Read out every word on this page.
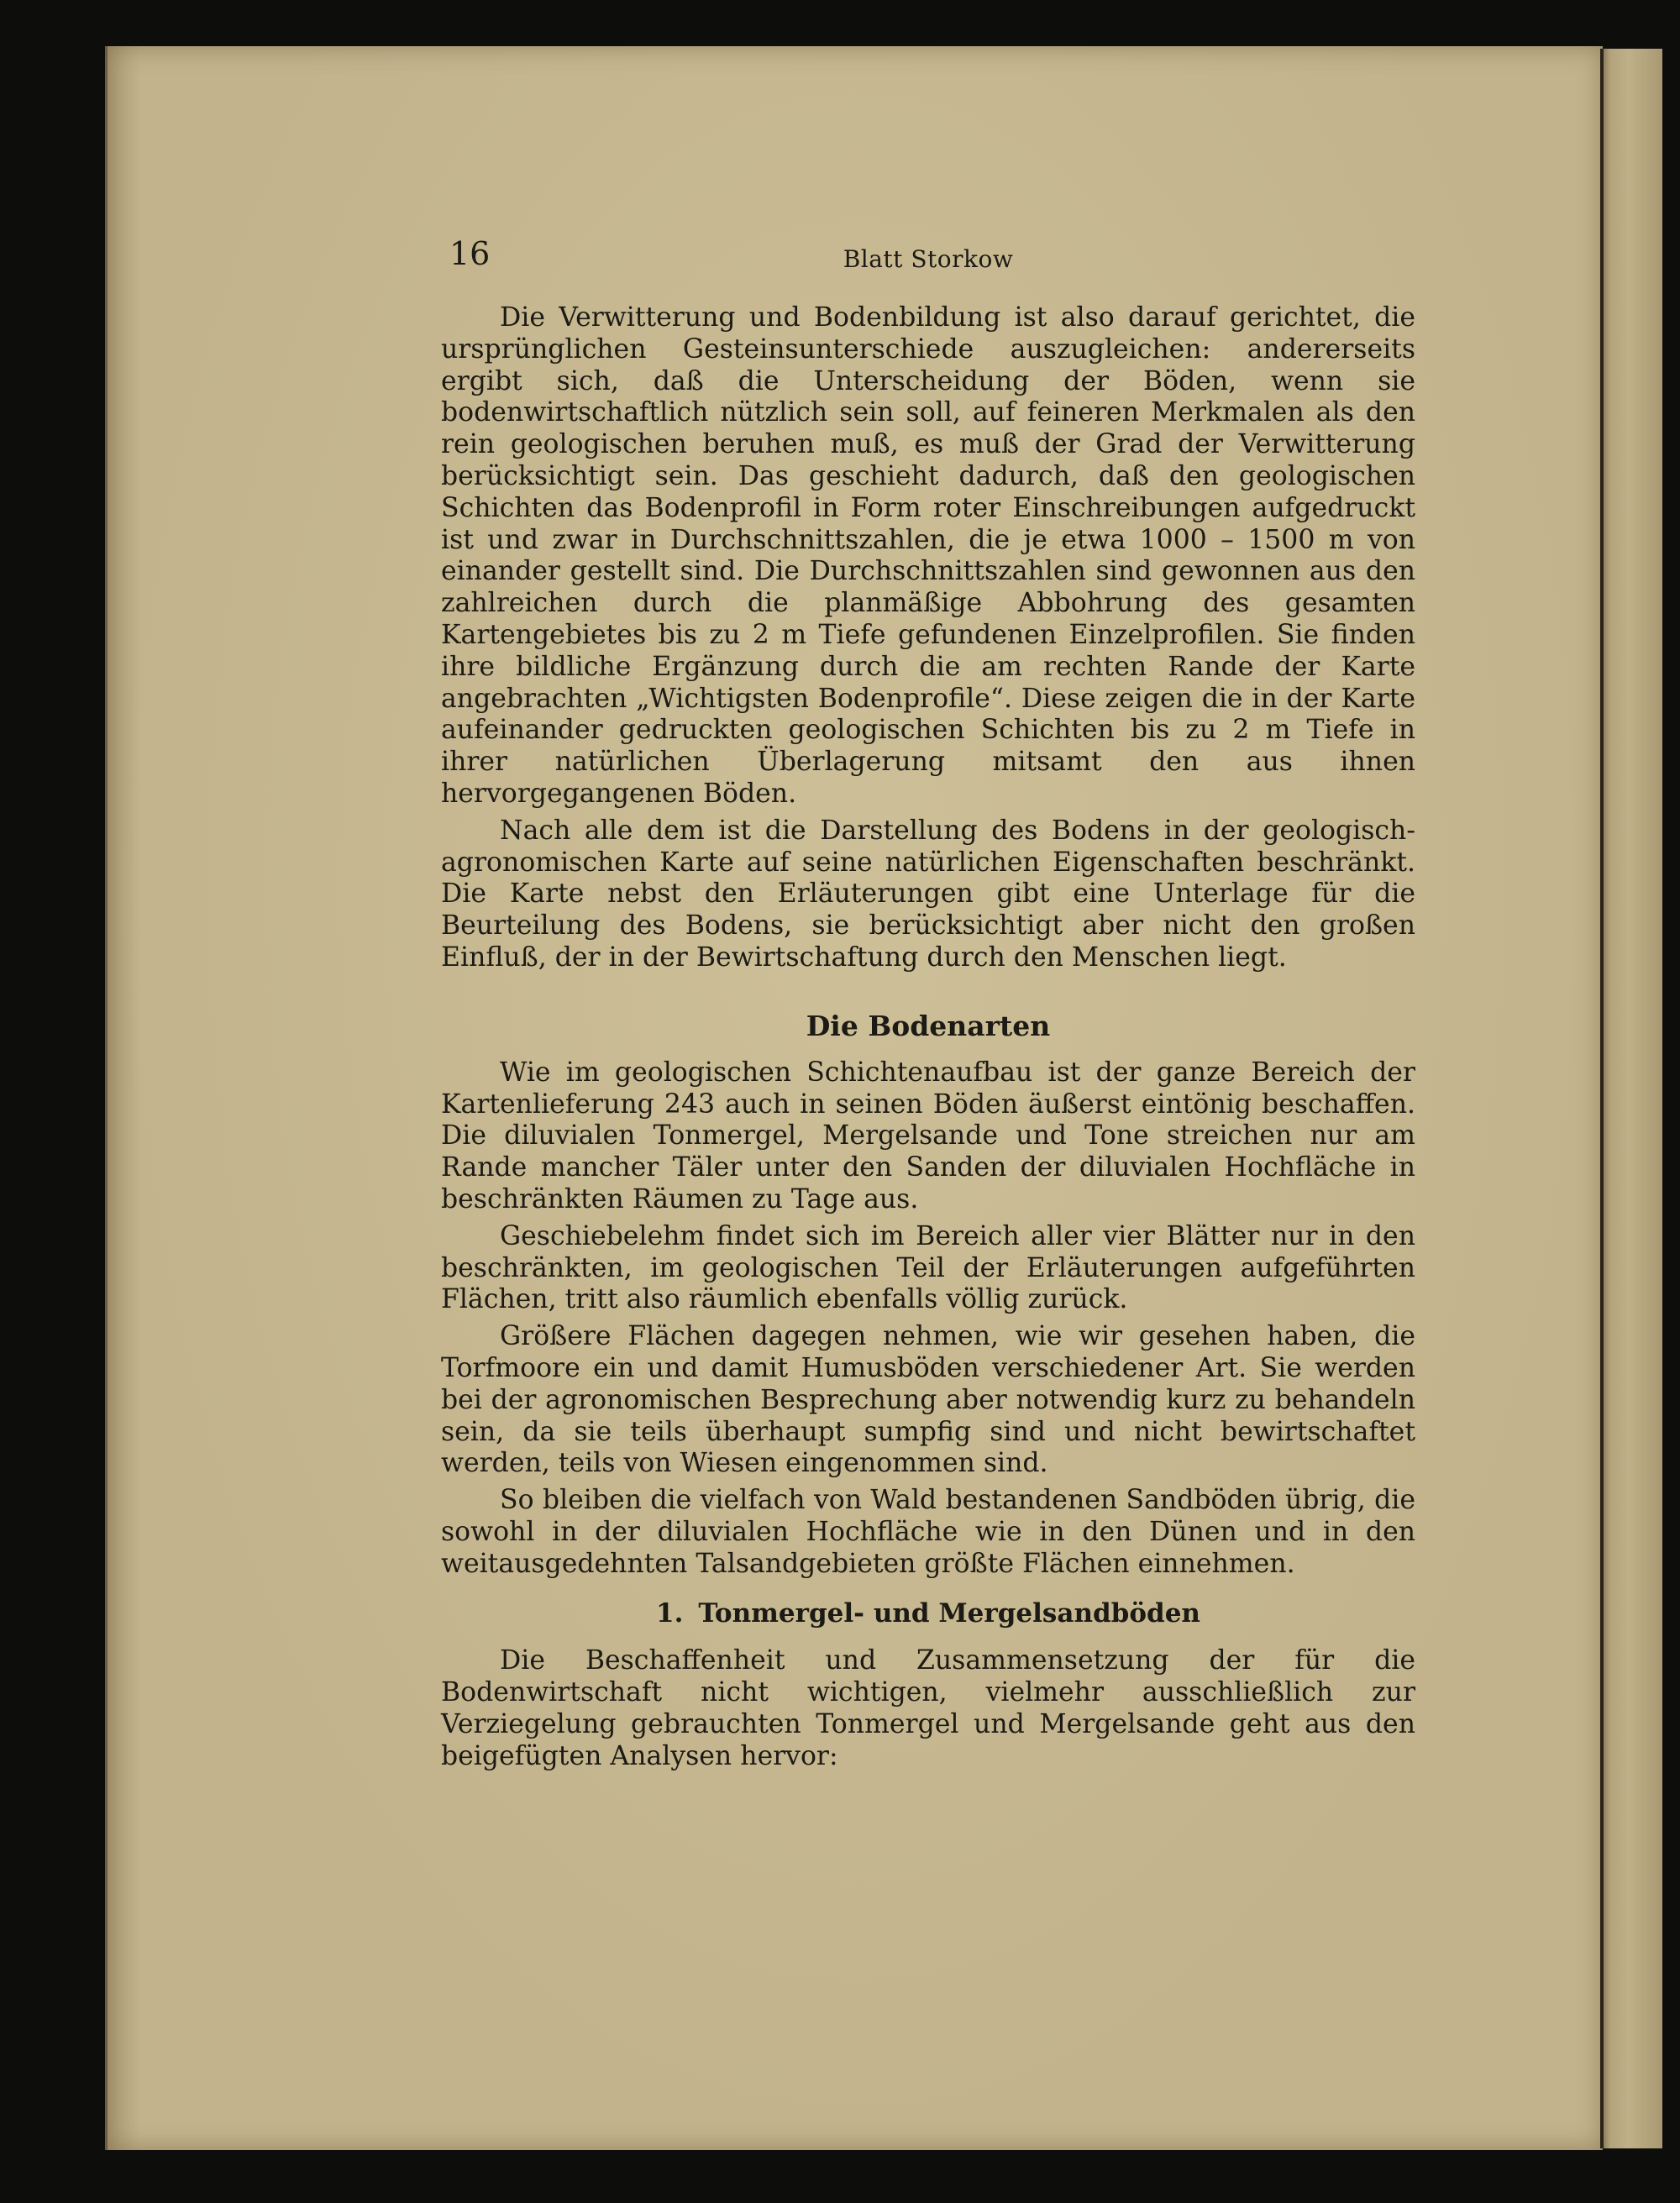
16	Blatt Storkow

Die Verwitterung und Bodenbildung ist also darauf gerichtet, die ursprünglichen Gesteinsunterschiede auszugleichen: andererseits ergibt sich, daß die Unterscheidung der Böden, wenn sie bodenwirtschaftlich nützlich sein soll, auf feineren Merkmalen als den rein geologischen beruhen muß, es muß der Grad der Verwitterung berücksichtigt sein. Das geschieht dadurch, daß den geologischen Schichten das Bodenprofil in Form roter Einschreibungen aufgedruckt ist und zwar in Durchschnittszahlen, die je etwa 1000 – 1500 m von einander gestellt sind. Die Durchschnittszahlen sind gewonnen aus den zahlreichen durch die planmäßige Abbohrung des gesamten Kartengebietes bis zu 2 m Tiefe gefundenen Einzelprofilen. Sie finden ihre bildliche Ergänzung durch die am rechten Rande der Karte angebrachten „Wichtigsten Bodenprofile“. Diese zeigen die in der Karte aufeinander gedruckten geologischen Schichten bis zu 2 m Tiefe in ihrer natürlichen Überlagerung mitsamt den aus ihnen hervorgegangenen Böden.

Nach alle dem ist die Darstellung des Bodens in der geologisch-agronomischen Karte auf seine natürlichen Eigenschaften beschränkt. Die Karte nebst den Erläuterungen gibt eine Unterlage für die Beurteilung des Bodens, sie berücksichtigt aber nicht den großen Einfluß, der in der Bewirtschaftung durch den Menschen liegt.

Die Bodenarten

Wie im geologischen Schichtenaufbau ist der ganze Bereich der Kartenlieferung 243 auch in seinen Böden äußerst eintönig beschaffen. Die diluvialen Tonmergel, Mergelsande und Tone streichen nur am Rande mancher Täler unter den Sanden der diluvialen Hochfläche in beschränkten Räumen zu Tage aus.

Geschiebelehm findet sich im Bereich aller vier Blätter nur in den beschränkten, im geologischen Teil der Erläuterungen aufgeführten Flächen, tritt also räumlich ebenfalls völlig zurück.

Größere Flächen dagegen nehmen, wie wir gesehen haben, die Torfmoore ein und damit Humusböden verschiedener Art. Sie werden bei der agronomischen Besprechung aber notwendig kurz zu behandeln sein, da sie teils überhaupt sumpfig sind und nicht bewirtschaftet werden, teils von Wiesen eingenommen sind.

So bleiben die vielfach von Wald bestandenen Sandböden übrig, die sowohl in der diluvialen Hochfläche wie in den Dünen und in den weitausgedehnten Talsandgebieten größte Flächen einnehmen.

1. Tonmergel- und Mergelsandböden

Die Beschaffenheit und Zusammensetzung der für die Bodenwirtschaft nicht wichtigen, vielmehr ausschließlich zur Verziegelung gebrauchten Tonmergel und Mergelsande geht aus den beigefügten Analysen hervor:
